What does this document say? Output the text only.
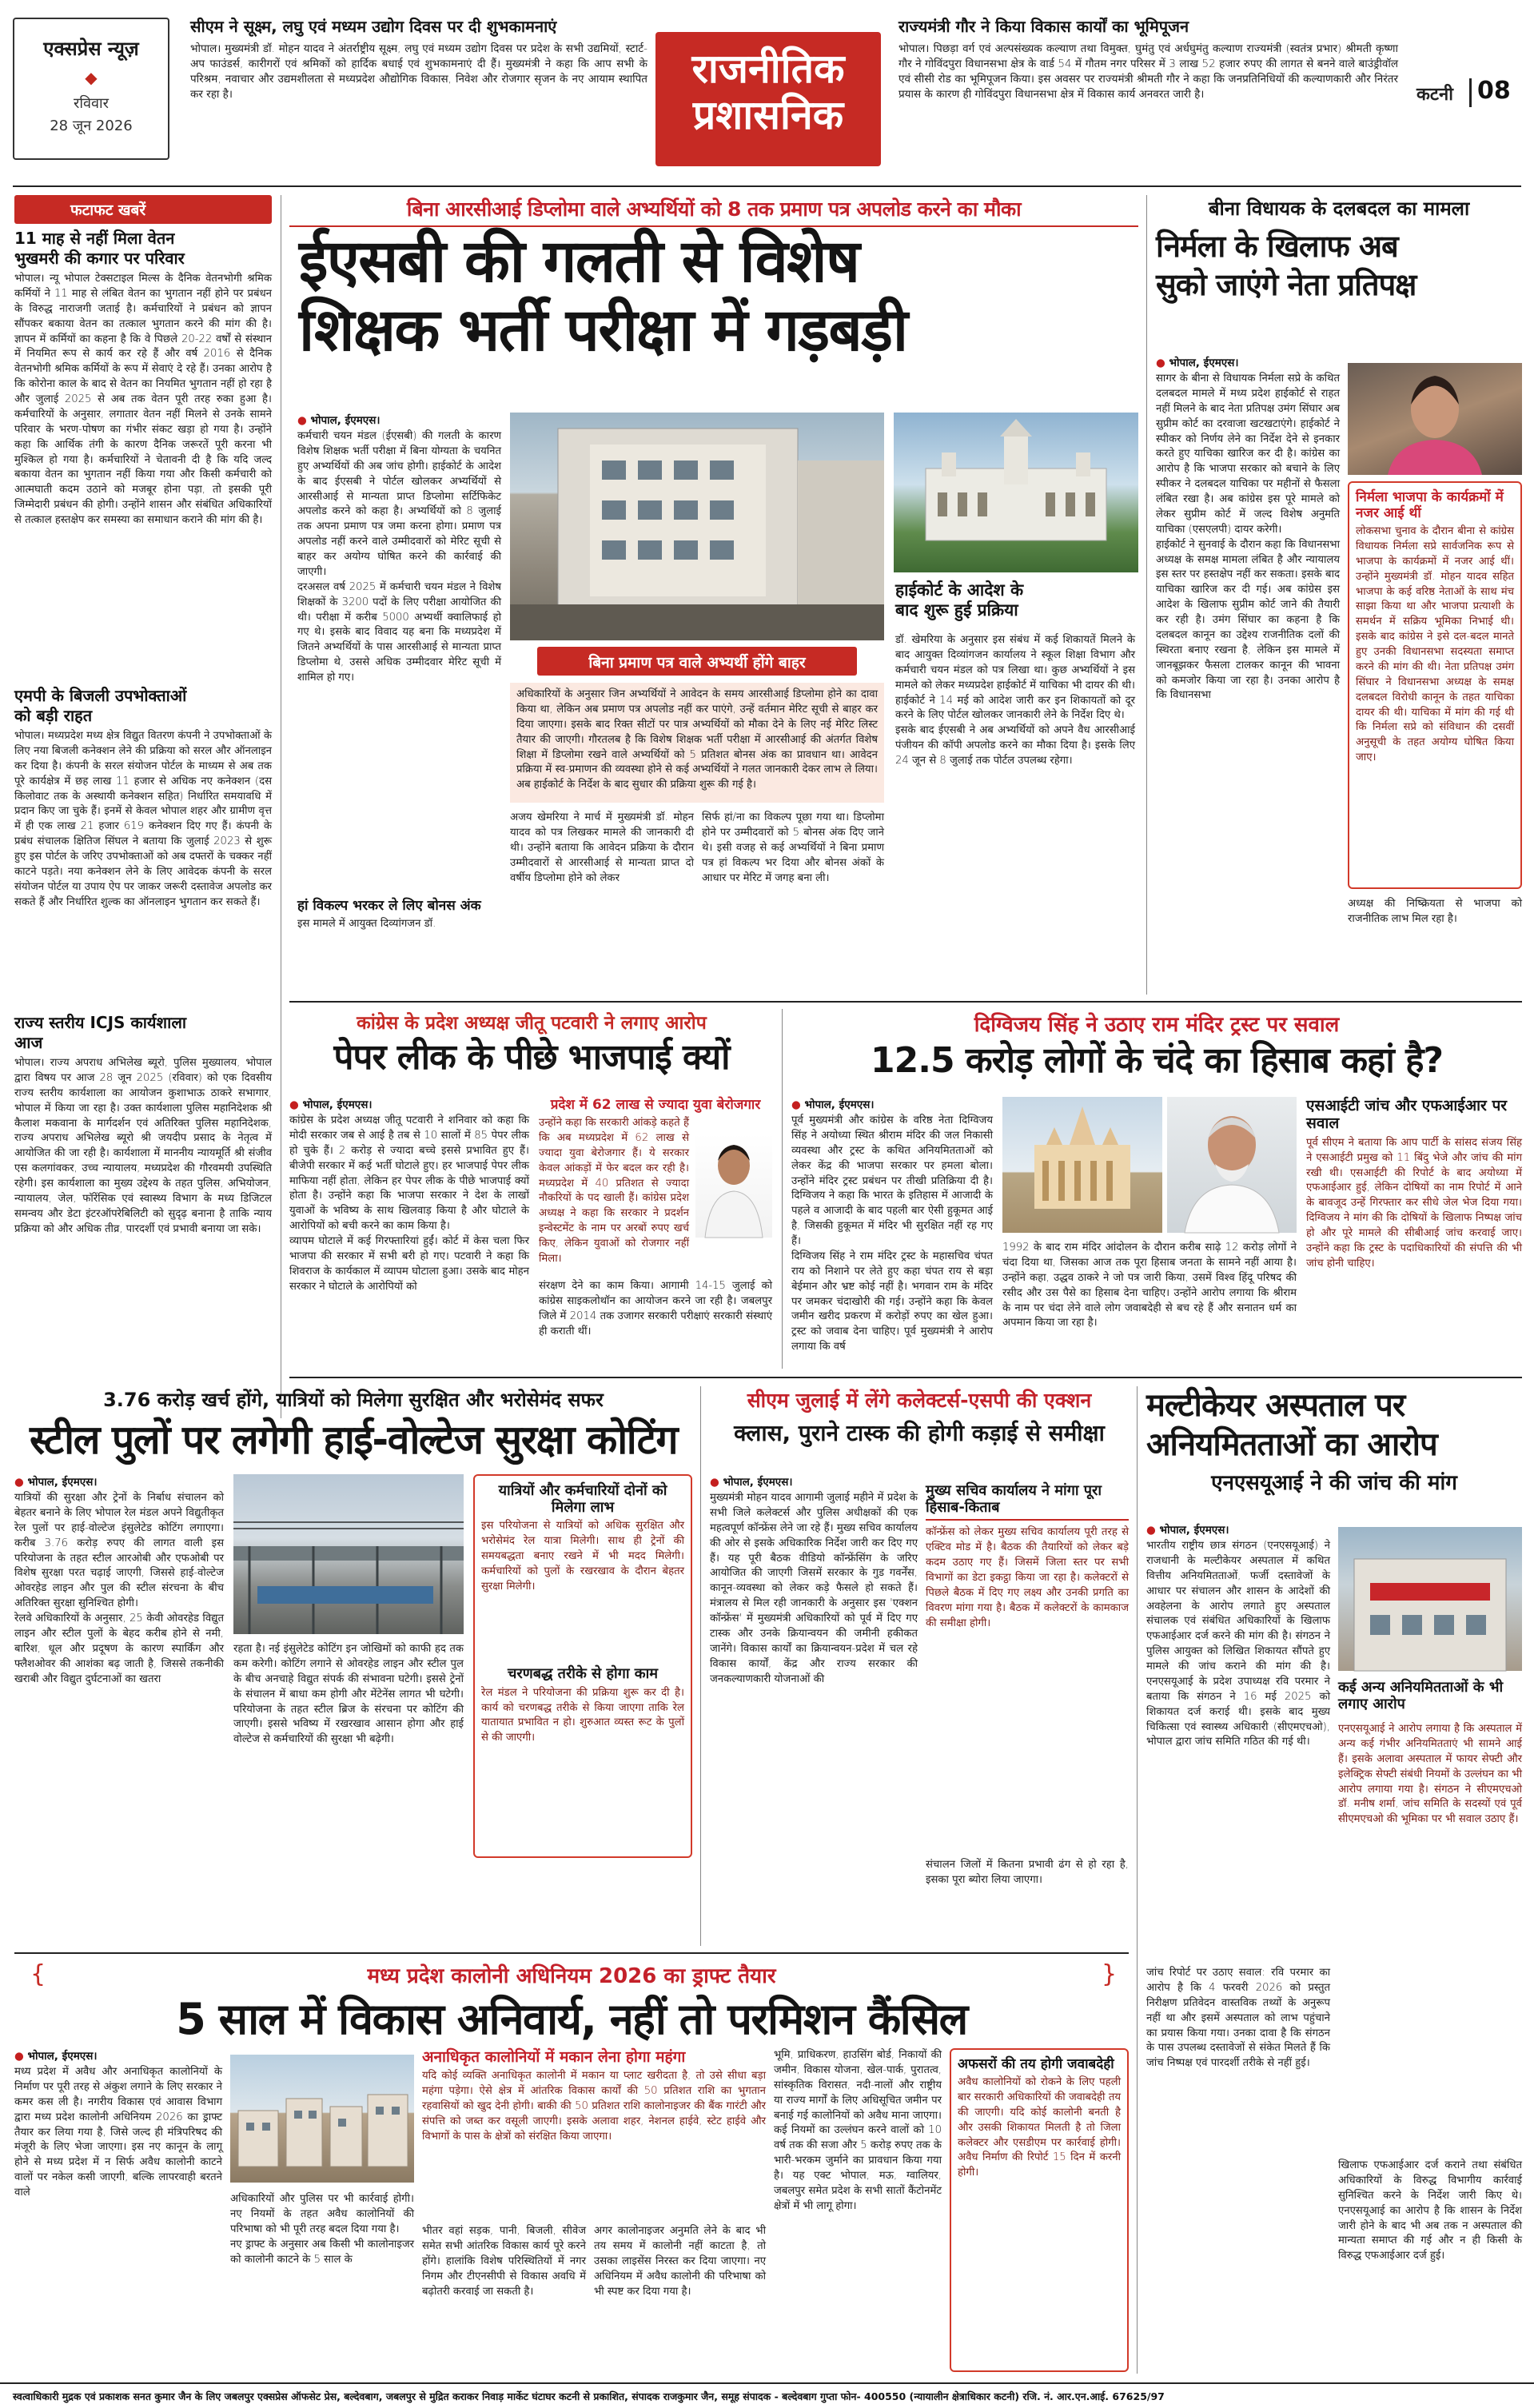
एक्सप्रेस न्यूज़
◆
रविवार
28 जून 2026
सीएम ने सूक्ष्म, लघु एवं मध्यम उद्योग दिवस पर दी शुभकामनाएं
भोपाल। मुख्यमंत्री डॉ. मोहन यादव ने अंतर्राष्ट्रीय सूक्ष्म, लघु एवं मध्यम उद्योग दिवस पर प्रदेश के सभी उद्यमियों, स्टार्ट-अप फाउंडर्स, कारीगरों एवं श्रमिकों को हार्दिक बधाई एवं शुभकामनाएं दी हैं। मुख्यमंत्री ने कहा कि आप सभी के परिश्रम, नवाचार और उद्यमशीलता से मध्यप्रदेश औद्योगिक विकास, निवेश और रोजगार सृजन के नए आयाम स्थापित कर रहा है।
राजनीतिक
प्रशासनिक
राज्यमंत्री गौर ने किया विकास कार्यों का भूमिपूजन
भोपाल। पिछड़ा वर्ग एवं अल्पसंख्यक कल्याण तथा विमुक्त, घुमंतु एवं अर्धघुमंतु कल्याण राज्यमंत्री (स्वतंत्र प्रभार) श्रीमती कृष्णा गौर ने गोविंदपुरा विधानसभा क्षेत्र के वार्ड 54 में गौतम नगर परिसर में 3 लाख 52 हजार रुपए की लागत से बनने वाले बाउंड्रीवॉल एवं सीसी रोड का भूमिपूजन किया। इस अवसर पर राज्यमंत्री श्रीमती गौर ने कहा कि जनप्रतिनिधियों की कल्याणकारी और निरंतर प्रयास के कारण ही गोविंदपुरा विधानसभा क्षेत्र में विकास कार्य अनवरत जारी है।	कटनी 08
फटाफट खबरें
11 माह से नहीं मिला वेतन
भुखमरी की कगार पर परिवार
भोपाल। न्यू भोपाल टेक्सटाइल मिल्स के दैनिक वेतनभोगी श्रमिक कर्मियों ने 11 माह से लंबित वेतन का भुगतान नहीं होने पर प्रबंधन के विरुद्ध नाराजगी जताई है। कर्मचारियों ने प्रबंधन को ज्ञापन सौंपकर बकाया वेतन का तत्काल भुगतान करने की मांग की है। ज्ञापन में कर्मियों का कहना है कि वे पिछले 20-22 वर्षों से संस्थान में नियमित रूप से कार्य कर रहे हैं और वर्ष 2016 से दैनिक वेतनभोगी श्रमिक कर्मियों के रूप में सेवाएं दे रहे हैं। उनका आरोप है कि कोरोना काल के बाद से वेतन का नियमित भुगतान नहीं हो रहा है और जुलाई 2025 से अब तक वेतन पूरी तरह रुका हुआ है। कर्मचारियों के अनुसार, लगातार वेतन नहीं मिलने से उनके सामने परिवार के भरण-पोषण का गंभीर संकट खड़ा हो गया है। उन्होंने कहा कि आर्थिक तंगी के कारण दैनिक जरूरतें पूरी करना भी मुश्किल हो गया है। कर्मचारियों ने चेतावनी दी है कि यदि जल्द बकाया वेतन का भुगतान नहीं किया गया और किसी कर्मचारी को आत्मघाती कदम उठाने को मजबूर होना पड़ा, तो इसकी पूरी जिम्मेदारी प्रबंधन की होगी। उन्होंने शासन और संबंधित अधिकारियों से तत्काल हस्तक्षेप कर समस्या का समाधान कराने की मांग की है।
एमपी के बिजली उपभोक्ताओं
को बड़ी राहत
भोपाल। मध्यप्रदेश मध्य क्षेत्र विद्युत वितरण कंपनी ने उपभोक्ताओं के लिए नया बिजली कनेक्शन लेने की प्रक्रिया को सरल और ऑनलाइन कर दिया है। कंपनी के सरल संयोजन पोर्टल के माध्यम से अब तक पूरे कार्यक्षेत्र में छह लाख 11 हजार से अधिक नए कनेक्शन (दस किलोवाट तक के अस्थायी कनेक्शन सहित) निर्धारित समयावधि में प्रदान किए जा चुके हैं। इनमें से केवल भोपाल शहर और ग्रामीण वृत्त में ही एक लाख 21 हजार 619 कनेक्शन दिए गए हैं। कंपनी के प्रबंध संचालक क्षितिज सिंघल ने बताया कि जुलाई 2023 से शुरू हुए इस पोर्टल के जरिए उपभोक्ताओं को अब दफ्तरों के चक्कर नहीं काटने पड़ते। नया कनेक्शन लेने के लिए आवेदक कंपनी के सरल संयोजन पोर्टल या उपाय ऐप पर जाकर जरूरी दस्तावेज अपलोड कर सकते हैं और निर्धारित शुल्क का ऑनलाइन भुगतान कर सकते हैं।
राज्य स्तरीय ICJS कार्यशाला
आज
भोपाल। राज्य अपराध अभिलेख ब्यूरो, पुलिस मुख्यालय, भोपाल द्वारा विषय पर आज 28 जून 2025 (रविवार) को एक दिवसीय राज्य स्तरीय कार्यशाला का आयोजन कुशाभाऊ ठाकरे सभागार, भोपाल में किया जा रहा है। उक्त कार्यशाला पुलिस महानिदेशक श्री कैलाश मकवाना के मार्गदर्शन एवं अतिरिक्त पुलिस महानिदेशक, राज्य अपराध अभिलेख ब्यूरो श्री जयदीप प्रसाद के नेतृत्व में आयोजित की जा रही है। कार्यशाला में माननीय न्यायमूर्ति श्री संजीव एस कलगांवकर, उच्च न्यायालय, मध्यप्रदेश की गौरवमयी उपस्थिति रहेगी। इस कार्यशाला का मुख्य उद्देश्य के तहत पुलिस, अभियोजन, न्यायालय, जेल, फॉरेंसिक एवं स्वास्थ्य विभाग के मध्य डिजिटल समन्वय और डेटा इंटरऑपरेबिलिटी को सुदृढ़ बनाना है ताकि न्याय प्रक्रिया को और अधिक तीव्र, पारदर्शी एवं प्रभावी बनाया जा सके।
बिना आरसीआई डिप्लोमा वाले अभ्यर्थियों को 8 तक प्रमाण पत्र अपलोड करने का मौका
ईएसबी की गलती से विशेष
शिक्षक भर्ती परीक्षा में गड़बड़ी
● भोपाल, ईएमएस।
कर्मचारी चयन मंडल (ईएसबी) की गलती के कारण विशेष शिक्षक भर्ती परीक्षा में बिना योग्यता के चयनित हुए अभ्यर्थियों की अब जांच होगी। हाईकोर्ट के आदेश के बाद ईएसबी ने पोर्टल खोलकर अभ्यर्थियों से आरसीआई से मान्यता प्राप्त डिप्लोमा सर्टिफिकेट अपलोड करने को कहा है। अभ्यर्थियों को 8 जुलाई तक अपना प्रमाण पत्र जमा करना होगा। प्रमाण पत्र अपलोड नहीं करने वाले उम्मीदवारों को मेरिट सूची से बाहर कर अयोग्य घोषित करने की कार्रवाई की जाएगी।
दरअसल वर्ष 2025 में कर्मचारी चयन मंडल ने विशेष शिक्षकों के 3200 पदों के लिए परीक्षा आयोजित की थी। परीक्षा में करीब 5000 अभ्यर्थी क्वालिफाई हो गए थे। इसके बाद विवाद यह बना कि मध्यप्रदेश में जितने अभ्यर्थियों के पास आरसीआई से मान्यता प्राप्त डिप्लोमा थे, उससे अधिक उम्मीदवार मेरिट सूची में शामिल हो गए।
हां विकल्प भरकर ले लिए बोनस अंक
इस मामले में आयुक्त दिव्यांगजन डॉ.
बिना प्रमाण पत्र वाले अभ्यर्थी होंगे बाहर
अधिकारियों के अनुसार जिन अभ्यर्थियों ने आवेदन के समय आरसीआई डिप्लोमा होने का दावा किया था, लेकिन अब प्रमाण पत्र अपलोड नहीं कर पाएंगे, उन्हें वर्तमान मेरिट सूची से बाहर कर दिया जाएगा। इसके बाद रिक्त सीटों पर पात्र अभ्यर्थियों को मौका देने के लिए नई मेरिट लिस्ट तैयार की जाएगी। गौरतलब है कि विशेष शिक्षक भर्ती परीक्षा में आरसीआई की अंतर्गत विशेष शिक्षा में डिप्लोमा रखने वाले अभ्यर्थियों को 5 प्रतिशत बोनस अंक का प्रावधान था। आवेदन प्रक्रिया में स्व-प्रमाणन की व्यवस्था होने से कई अभ्यर्थियों ने गलत जानकारी देकर लाभ ले लिया। अब हाईकोर्ट के निर्देश के बाद सुधार की प्रक्रिया शुरू की गई है।
अजय खेमरिया ने मार्च में मुख्यमंत्री डॉ. मोहन यादव को पत्र लिखकर मामले की जानकारी दी थी। उन्होंने बताया कि आवेदन प्रक्रिया के दौरान उम्मीदवारों से आरसीआई से मान्यता प्राप्त दो वर्षीय डिप्लोमा होने को लेकर
सिर्फ हां/ना का विकल्प पूछा गया था। डिप्लोमा होने पर उम्मीदवारों को 5 बोनस अंक दिए जाने थे। इसी वजह से कई अभ्यर्थियों ने बिना प्रमाण पत्र हां विकल्प भर दिया और बोनस अंकों के आधार पर मेरिट में जगह बना ली।
हाईकोर्ट के आदेश के
बाद शुरू हुई प्रक्रिया
डॉ. खेमरिया के अनुसार इस संबंध में कई शिकायतें मिलने के बाद आयुक्त दिव्यांगजन कार्यालय ने स्कूल शिक्षा विभाग और कर्मचारी चयन मंडल को पत्र लिखा था। कुछ अभ्यर्थियों ने इस मामले को लेकर मध्यप्रदेश हाईकोर्ट में याचिका भी दायर की थी। हाईकोर्ट ने 14 मई को आदेश जारी कर इन शिकायतों को दूर करने के लिए पोर्टल खोलकर जानकारी लेने के निर्देश दिए थे।
इसके बाद ईएसबी ने अब अभ्यर्थियों को अपने वैध आरसीआई पंजीयन की कॉपी अपलोड करने का मौका दिया है। इसके लिए 24 जून से 8 जुलाई तक पोर्टल उपलब्ध रहेगा।
बीना विधायक के दलबदल का मामला
निर्मला के खिलाफ अब
सुको जाएंगे नेता प्रतिपक्ष
● भोपाल, ईएमएस।
सागर के बीना से विधायक निर्मला सप्रे के कथित दलबदल मामले में मध्य प्रदेश हाईकोर्ट से राहत नहीं मिलने के बाद नेता प्रतिपक्ष उमंग सिंघार अब सुप्रीम कोर्ट का दरवाजा खटखटाएंगे। हाईकोर्ट ने स्पीकर को निर्णय लेने का निर्देश देने से इनकार करते हुए याचिका खारिज कर दी है। कांग्रेस का आरोप है कि भाजपा सरकार को बचाने के लिए स्पीकर ने दलबदल याचिका पर महीनों से फैसला लंबित रखा है। अब कांग्रेस इस पूरे मामले को लेकर सुप्रीम कोर्ट में जल्द विशेष अनुमति याचिका (एसएलपी) दायर करेगी।
हाईकोर्ट ने सुनवाई के दौरान कहा कि विधानसभा अध्यक्ष के समक्ष मामला लंबित है और न्यायालय इस स्तर पर हस्तक्षेप नहीं कर सकता। इसके बाद याचिका खारिज कर दी गई। अब कांग्रेस इस आदेश के खिलाफ सुप्रीम कोर्ट जाने की तैयारी कर रही है। उमंग सिंघार का कहना है कि दलबदल कानून का उद्देश्य राजनीतिक दलों की स्थिरता बनाए रखना है, लेकिन इस मामले में जानबूझकर फैसला टालकर कानून की भावना को कमजोर किया जा रहा है। उनका आरोप है कि विधानसभा
निर्मला भाजपा के कार्यक्रमों में नजर आई थीं
लोकसभा चुनाव के दौरान बीना से कांग्रेस विधायक निर्मला सप्रे सार्वजनिक रूप से भाजपा के कार्यक्रमों में नजर आई थीं। उन्होंने मुख्यमंत्री डॉ. मोहन यादव सहित भाजपा के कई वरिष्ठ नेताओं के साथ मंच साझा किया था और भाजपा प्रत्याशी के समर्थन में सक्रिय भूमिका निभाई थी। इसके बाद कांग्रेस ने इसे दल-बदल मानते हुए उनकी विधानसभा सदस्यता समाप्त करने की मांग की थी। नेता प्रतिपक्ष उमंग सिंघार ने विधानसभा अध्यक्ष के समक्ष दलबदल विरोधी कानून के तहत याचिका दायर की थी। याचिका में मांग की गई थी कि निर्मला सप्रे को संविधान की दसवीं अनुसूची के तहत अयोग्य घोषित किया जाए।
अध्यक्ष की निष्क्रियता से भाजपा को राजनीतिक लाभ मिल रहा है।
कांग्रेस के प्रदेश अध्यक्ष जीतू पटवारी ने लगाए आरोप
पेपर लीक के पीछे भाजपाई क्यों
● भोपाल, ईएमएस।
कांग्रेस के प्रदेश अध्यक्ष जीतू पटवारी ने शनिवार को कहा कि मोदी सरकार जब से आई है तब से 10 सालों में 85 पेपर लीक हो चुके हैं। 2 करोड़ से ज्यादा बच्चे इससे प्रभावित हुए हैं। बीजेपी सरकार में कई भर्ती घोटाले हुए। हर भाजपाई पेपर लीक माफिया नहीं होता, लेकिन हर पेपर लीक के पीछे भाजपाई क्यों होता है। उन्होंने कहा कि भाजपा सरकार ने देश के लाखों युवाओं के भविष्य के साथ खिलवाड़ किया है और घोटाले के आरोपियों को बची करने का काम किया है।
व्यापम घोटाले में कई गिरफ्तारियां हुईं। कोर्ट में केस चला फिर भाजपा की सरकार में सभी बरी हो गए। पटवारी ने कहा कि शिवराज के कार्यकाल में व्यापम घोटाला हुआ। उसके बाद मोहन सरकार ने घोटाले के आरोपियों को
प्रदेश में 62 लाख से ज्यादा युवा बेरोजगार
उन्होंने कहा कि सरकारी आंकड़े कहते हैं कि अब मध्यप्रदेश में 62 लाख से ज्यादा युवा बेरोजगार हैं। ये सरकार केवल आंकड़ों में फेर बदल कर रही है। मध्यप्रदेश में 40 प्रतिशत से ज्यादा नौकरियों के पद खाली हैं। कांग्रेस प्रदेश अध्यक्ष ने कहा कि सरकार ने प्रदर्शन इन्वेस्टमेंट के नाम पर अरबों रुपए खर्च किए, लेकिन युवाओं को रोजगार नहीं मिला।
संरक्षण देने का काम किया। आगामी 14-15 जुलाई को कांग्रेस साइकलोथॉन का आयोजन करने जा रही है। जबलपुर जिले में 2014 तक उजागर सरकारी परीक्षाएं सरकारी संस्थाएं ही कराती थीं।
दिग्विजय सिंह ने उठाए राम मंदिर ट्रस्ट पर सवाल
12.5 करोड़ लोगों के चंदे का हिसाब कहां है?
● भोपाल, ईएमएस।
पूर्व मुख्यमंत्री और कांग्रेस के वरिष्ठ नेता दिग्विजय सिंह ने अयोध्या स्थित श्रीराम मंदिर की जल निकासी व्यवस्था और ट्रस्ट के कथित अनियमितताओं को लेकर केंद्र की भाजपा सरकार पर हमला बोला। उन्होंने मंदिर ट्रस्ट प्रबंधन पर तीखी प्रतिक्रिया दी है। दिग्विजय ने कहा कि भारत के इतिहास में आजादी के पहले व आजादी के बाद पहली बार ऐसी हुकूमत आई है, जिसकी हुकूमत में मंदिर भी सुरक्षित नहीं रह गए हैं।
दिग्विजय सिंह ने राम मंदिर ट्रस्ट के महासचिव चंपत राय को निशाने पर लेते हुए कहा चंपत राय से बड़ा बेईमान और भ्रष्ट कोई नहीं है। भगवान राम के मंदिर पर जमकर चंदाखोरी की गई। उन्होंने कहा कि केवल जमीन खरीद प्रकरण में करोड़ों रुपए का खेल हुआ। ट्रस्ट को जवाब देना चाहिए। पूर्व मुख्यमंत्री ने आरोप लगाया कि वर्ष
1992 के बाद राम मंदिर आंदोलन के दौरान करीब साढ़े 12 करोड़ लोगों ने चंदा दिया था, जिसका आज तक पूरा हिसाब जनता के सामने नहीं आया है। उन्होंने कहा, उद्धव ठाकरे ने जो पत्र जारी किया, उसमें विश्व हिंदू परिषद की रसीद और उस पैसे का हिसाब देना चाहिए। उन्होंने आरोप लगाया कि श्रीराम के नाम पर चंदा लेने वाले लोग जवाबदेही से बच रहे हैं और सनातन धर्म का अपमान किया जा रहा है।
एसआईटी जांच और एफआईआर पर सवाल
पूर्व सीएम ने बताया कि आप पार्टी के सांसद संजय सिंह ने एसआईटी प्रमुख को 11 बिंदु भेजे और जांच की मांग रखी थी। एसआईटी की रिपोर्ट के बाद अयोध्या में एफआईआर हुई, लेकिन दोषियों का नाम रिपोर्ट में आने के बावजूद उन्हें गिरफ्तार कर सीधे जेल भेज दिया गया। दिग्विजय ने मांग की कि दोषियों के खिलाफ निष्पक्ष जांच हो और पूरे मामले की सीबीआई जांच करवाई जाए। उन्होंने कहा कि ट्रस्ट के पदाधिकारियों की संपत्ति की भी जांच होनी चाहिए।
3.76 करोड़ खर्च होंगे, यात्रियों को मिलेगा सुरक्षित और भरोसेमंद सफर
स्टील पुलों पर लगेगी हाई-वोल्टेज सुरक्षा कोटिंग
● भोपाल, ईएमएस।
यात्रियों की सुरक्षा और ट्रेनों के निर्बाध संचालन को बेहतर बनाने के लिए भोपाल रेल मंडल अपने विद्युतीकृत रेल पुलों पर हाई-वोल्टेज इंसुलेटेड कोटिंग लगाएगा। करीब 3.76 करोड़ रुपए की लागत वाली इस परियोजना के तहत स्टील आरओबी और एफओबी पर विशेष सुरक्षा परत चढ़ाई जाएगी, जिससे हाई-वोल्टेज ओवरहेड लाइन और पुल की स्टील संरचना के बीच अतिरिक्त सुरक्षा सुनिश्चित होगी।
रेलवे अधिकारियों के अनुसार, 25 केवी ओवरहेड विद्युत लाइन और स्टील पुलों के बेहद करीब होने से नमी, बारिश, धूल और प्रदूषण के कारण स्पार्किंग और फ्लैशओवर की आशंका बढ़ जाती है, जिससे तकनीकी खराबी और विद्युत दुर्घटनाओं का खतरा
रहता है। नई इंसुलेटेड कोटिंग इन जोखिमों को काफी हद तक कम करेगी। कोटिंग लगाने से ओवरहेड लाइन और स्टील पुल के बीच अनचाहे विद्युत संपर्क की संभावना घटेगी। इससे ट्रेनों के संचालन में बाधा कम होगी और मेंटेनेंस लागत भी घटेगी। परियोजना के तहत स्टील ब्रिज के संरचना पर कोटिंग की जाएगी। इससे भविष्य में रखरखाव आसान होगा और हाई वोल्टेज से कर्मचारियों की सुरक्षा भी बढ़ेगी।
यात्रियों और कर्मचारियों दोनों को मिलेगा लाभ
इस परियोजना से यात्रियों को अधिक सुरक्षित और भरोसेमंद रेल यात्रा मिलेगी। साथ ही ट्रेनों की समयबद्धता बनाए रखने में भी मदद मिलेगी। कर्मचारियों को पुलों के रखरखाव के दौरान बेहतर सुरक्षा मिलेगी।
चरणबद्ध तरीके से होगा काम
रेल मंडल ने परियोजना की प्रक्रिया शुरू कर दी है। कार्य को चरणबद्ध तरीके से किया जाएगा ताकि रेल यातायात प्रभावित न हो। शुरुआत व्यस्त रूट के पुलों से की जाएगी।
सीएम जुलाई में लेंगे कलेक्टर्स-एसपी की एक्शन
क्लास, पुराने टास्क की होगी कड़ाई से समीक्षा
● भोपाल, ईएमएस।
मुख्यमंत्री मोहन यादव आगामी जुलाई महीने में प्रदेश के सभी जिले कलेक्टर्स और पुलिस अधीक्षकों की एक महत्वपूर्ण कॉन्फ्रेंस लेने जा रहे हैं। मुख्य सचिव कार्यालय की ओर से इसके अधिकारिक निर्देश जारी कर दिए गए हैं। यह पूरी बैठक वीडियो कॉन्फ्रेंसिंग के जरिए आयोजित की जाएगी जिसमें सरकार के गुड गवर्नेंस, कानून-व्यवस्था को लेकर कड़े फैसले हो सकते हैं। मंत्रालय से मिल रही जानकारी के अनुसार इस 'एक्शन कॉन्फ्रेंस' में मुख्यमंत्री अधिकारियों को पूर्व में दिए गए टास्क और उनके क्रियान्वयन की जमीनी हकीकत जानेंगे। विकास कार्यों का क्रियान्वयन-प्रदेश में चल रहे विकास कार्यों, केंद्र और राज्य सरकार की जनकल्याणकारी योजनाओं की
मुख्य सचिव कार्यालय ने मांगा पूरा हिसाब-किताब
कॉन्फ्रेंस को लेकर मुख्य सचिव कार्यालय पूरी तरह से एक्टिव मोड में है। बैठक की तैयारियों को लेकर बड़े कदम उठाए गए हैं। जिसमें जिला स्तर पर सभी विभागों का डेटा इकट्ठा किया जा रहा है। कलेक्टरों से पिछले बैठक में दिए गए लक्ष्य और उनकी प्रगति का विवरण मांगा गया है। बैठक में कलेक्टरों के कामकाज की समीक्षा होगी।
संचालन जिलों में कितना प्रभावी ढंग से हो रहा है, इसका पूरा ब्योरा लिया जाएगा।
मल्टीकेयर अस्पताल पर
अनियमितताओं का आरोप
एनएसयूआई ने की जांच की मांग
● भोपाल, ईएमएस।
भारतीय राष्ट्रीय छात्र संगठन (एनएसयूआई) ने राजधानी के मल्टीकेयर अस्पताल में कथित वित्तीय अनियमितताओं, फर्जी दस्तावेजों के आधार पर संचालन और शासन के आदेशों की अवहेलना के आरोप लगाते हुए अस्पताल संचालक एवं संबंधित अधिकारियों के खिलाफ एफआईआर दर्ज करने की मांग की है। संगठन ने पुलिस आयुक्त को लिखित शिकायत सौंपते हुए मामले की जांच कराने की मांग की है। एनएसयूआई के प्रदेश उपाध्यक्ष रवि परमार ने बताया कि संगठन ने 16 मई 2025 को शिकायत दर्ज कराई थी। इसके बाद मुख्य चिकित्सा एवं स्वास्थ्य अधिकारी (सीएमएचओ), भोपाल द्वारा जांच समिति गठित की गई थी।
कई अन्य अनियमितताओं के भी लगाए आरोप
एनएसयूआई ने आरोप लगाया है कि अस्पताल में अन्य कई गंभीर अनियमितताएं भी सामने आई हैं। इसके अलावा अस्पताल में फायर सेफ्टी और इलेक्ट्रिक सेफ्टी संबंधी नियमों के उल्लंघन का भी आरोप लगाया गया है। संगठन ने सीएमएचओ डॉ. मनीष शर्मा, जांच समिति के सदस्यों एवं पूर्व सीएमएचओ की भूमिका पर भी सवाल उठाए हैं।
जांच रिपोर्ट पर उठाए सवाल: रवि परमार का आरोप है कि 4 फरवरी 2026 को प्रस्तुत निरीक्षण प्रतिवेदन वास्तविक तथ्यों के अनुरूप नहीं था और इसमें अस्पताल को लाभ पहुंचाने का प्रयास किया गया। उनका दावा है कि संगठन के पास उपलब्ध दस्तावेजों से संकेत मिलते हैं कि जांच निष्पक्ष एवं पारदर्शी तरीके से नहीं हुई।
मध्य प्रदेश कालोनी अधिनियम 2026 का ड्राफ्ट तैयार
{	}
5 साल में विकास अनिवार्य, नहीं तो परमिशन कैंसिल
● भोपाल, ईएमएस।
मध्य प्रदेश में अवैध और अनाधिकृत कालोनियों के निर्माण पर पूरी तरह से अंकुश लगाने के लिए सरकार ने कमर कस ली है। नगरीय विकास एवं आवास विभाग द्वारा मध्य प्रदेश कालोनी अधिनियम 2026 का ड्राफ्ट तैयार कर लिया गया है, जिसे जल्द ही मंत्रिपरिषद की मंजूरी के लिए भेजा जाएगा। इस नए कानून के लागू होने से मध्य प्रदेश में न सिर्फ अवैध कालोनी काटने वालों पर नकेल कसी जाएगी, बल्कि लापरवाही बरतने वाले
अनाधिकृत कालोनियों में मकान लेना होगा महंगा
यदि कोई व्यक्ति अनाधिकृत कालोनी में मकान या प्लाट खरीदता है, तो उसे सीधा बड़ा महंगा पड़ेगा। ऐसे क्षेत्र में आंतरिक विकास कार्यों की 50 प्रतिशत राशि का भुगतान रहवासियों को खुद देनी होगी। बाकी की 50 प्रतिशत राशि कालोनाइजर की बैंक गारंटी और संपत्ति को जब्त कर वसूली जाएगी। इसके अलावा शहर, नेशनल हाईवे, स्टेट हाईवे और विभागों के पास के क्षेत्रों को संरक्षित किया जाएगा।
अधिकारियों और पुलिस पर भी कार्रवाई होगी। नए नियमों के तहत अवैध कालोनियों की परिभाषा को भी पूरी तरह बदल दिया गया है।
नए ड्राफ्ट के अनुसार अब किसी भी कालोनाइजर को कालोनी काटने के 5 साल के
भीतर वहां सड़क, पानी, बिजली, सीवेज समेत सभी आंतरिक विकास कार्य पूरे करने होंगे। हालांकि विशेष परिस्थितियों में नगर निगम और टीएनसीपी से विकास अवधि में बढ़ोतरी करवाई जा सकती है।
अगर कालोनाइजर अनुमति लेने के बाद भी तय समय में कालोनी नहीं काटता है, तो उसका लाइसेंस निरस्त कर दिया जाएगा। नए अधिनियम में अवैध कालोनी की परिभाषा को भी स्पष्ट कर दिया गया है।
भूमि, प्राधिकरण, हाउसिंग बोर्ड, निकायों की जमीन, विकास योजना, खेल-पार्क, पुरातत्व, सांस्कृतिक विरासत, नदी-नालों और राष्ट्रीय या राज्य मार्गों के लिए अधिसूचित जमीन पर बनाई गई कालोनियों को अवैध माना जाएगा। कई नियमों का उल्लंघन करने वालों को 10 वर्ष तक की सजा और 5 करोड़ रुपए तक के भारी-भरकम जुर्माने का प्रावधान किया गया है। यह एक्ट भोपाल, मऊ, ग्वालियर, जबलपुर समेत प्रदेश के सभी सातों कैंटोनमेंट क्षेत्रों में भी लागू होगा।
अफसरों की तय होगी जवाबदेही
अवैध कालोनियों को रोकने के लिए पहली बार सरकारी अधिकारियों की जवाबदेही तय की जाएगी। यदि कोई कालोनी बनती है और उसकी शिकायत मिलती है तो जिला कलेक्टर और एसडीएम पर कार्रवाई होगी। अवैध निर्माण की रिपोर्ट 15 दिन में करनी होगी।
खिलाफ एफआईआर दर्ज कराने तथा संबंधित अधिकारियों के विरुद्ध विभागीय कार्रवाई सुनिश्चित करने के निर्देश जारी किए थे। एनएसयूआई का आरोप है कि शासन के निर्देश जारी होने के बाद भी अब तक न अस्पताल की मान्यता समाप्त की गई और न ही किसी के विरुद्ध एफआईआर दर्ज हुई।
स्वत्वाधिकारी मुद्रक एवं प्रकाशक सनत कुमार जैन के लिए जबलपुर एक्सप्रेस ऑफसेट प्रेस, बल्देवबाग, जबलपुर से मुद्रित कराकर निवाड़ मार्केट घंटाघर कटनी से प्रकाशित, संपादक राजकुमार जैन, समूह संपादक - बल्देवबाग गुप्ता फोन- 400550 (न्यायालीन क्षेत्राधिकार कटनी) रजि. नं. आर.एन.आई. 67625/97
